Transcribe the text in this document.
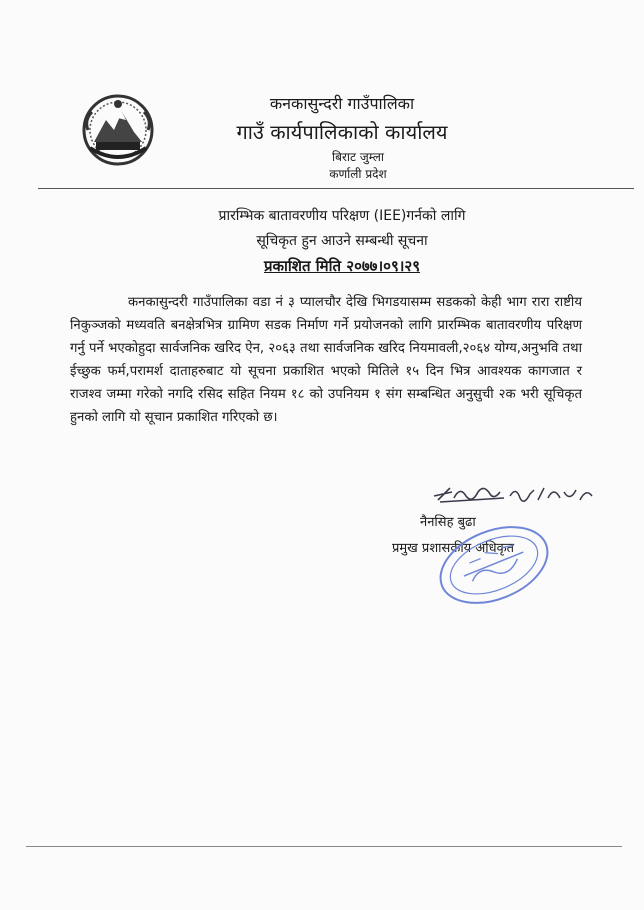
कनकासुन्दरी गाउँपालिका
गाउँ कार्यपालिकाको कार्यालय
बिराट जुम्ला
कर्णाली प्रदेश
प्रारम्भिक बातावरणीय परिक्षण (IEE)गर्नको लागि
सूचिकृत हुन आउने सम्बन्धी सूचना
प्रकाशित मिति २०७७।०९।२९
कनकासुन्दरी गाउँपालिका वडा नं ३ प्यालचौर देखि भिगडयासम्म सडकको केही भाग रारा राष्टीय निकुञ्जको मध्यवति बनक्षेत्रभित्र ग्रामिण सडक निर्माण गर्ने प्रयोजनको लागि प्रारम्भिक बातावरणीय परिक्षण गर्नु पर्ने भएकोहुदा सार्वजनिक खरिद ऐन, २०६३ तथा सार्वजनिक खरिद नियमावली,२०६४ योग्य,अनुभवि तथा ईच्छुक फर्म,परामर्श दाताहरुबाट यो सूचना प्रकाशित भएको मितिले १५ दिन भित्र आवश्यक कागजात र राजश्व जम्मा गरेको नगदि रसिद सहित नियम १८ को उपनियम १ संग सम्बन्धित अनुसुची २क भरी सूचिकृत हुनको लागि यो सूचान प्रकाशित गरिएको छ।
नैनसिह बुढा
प्रमुख प्रशासकीय अधिकृत
